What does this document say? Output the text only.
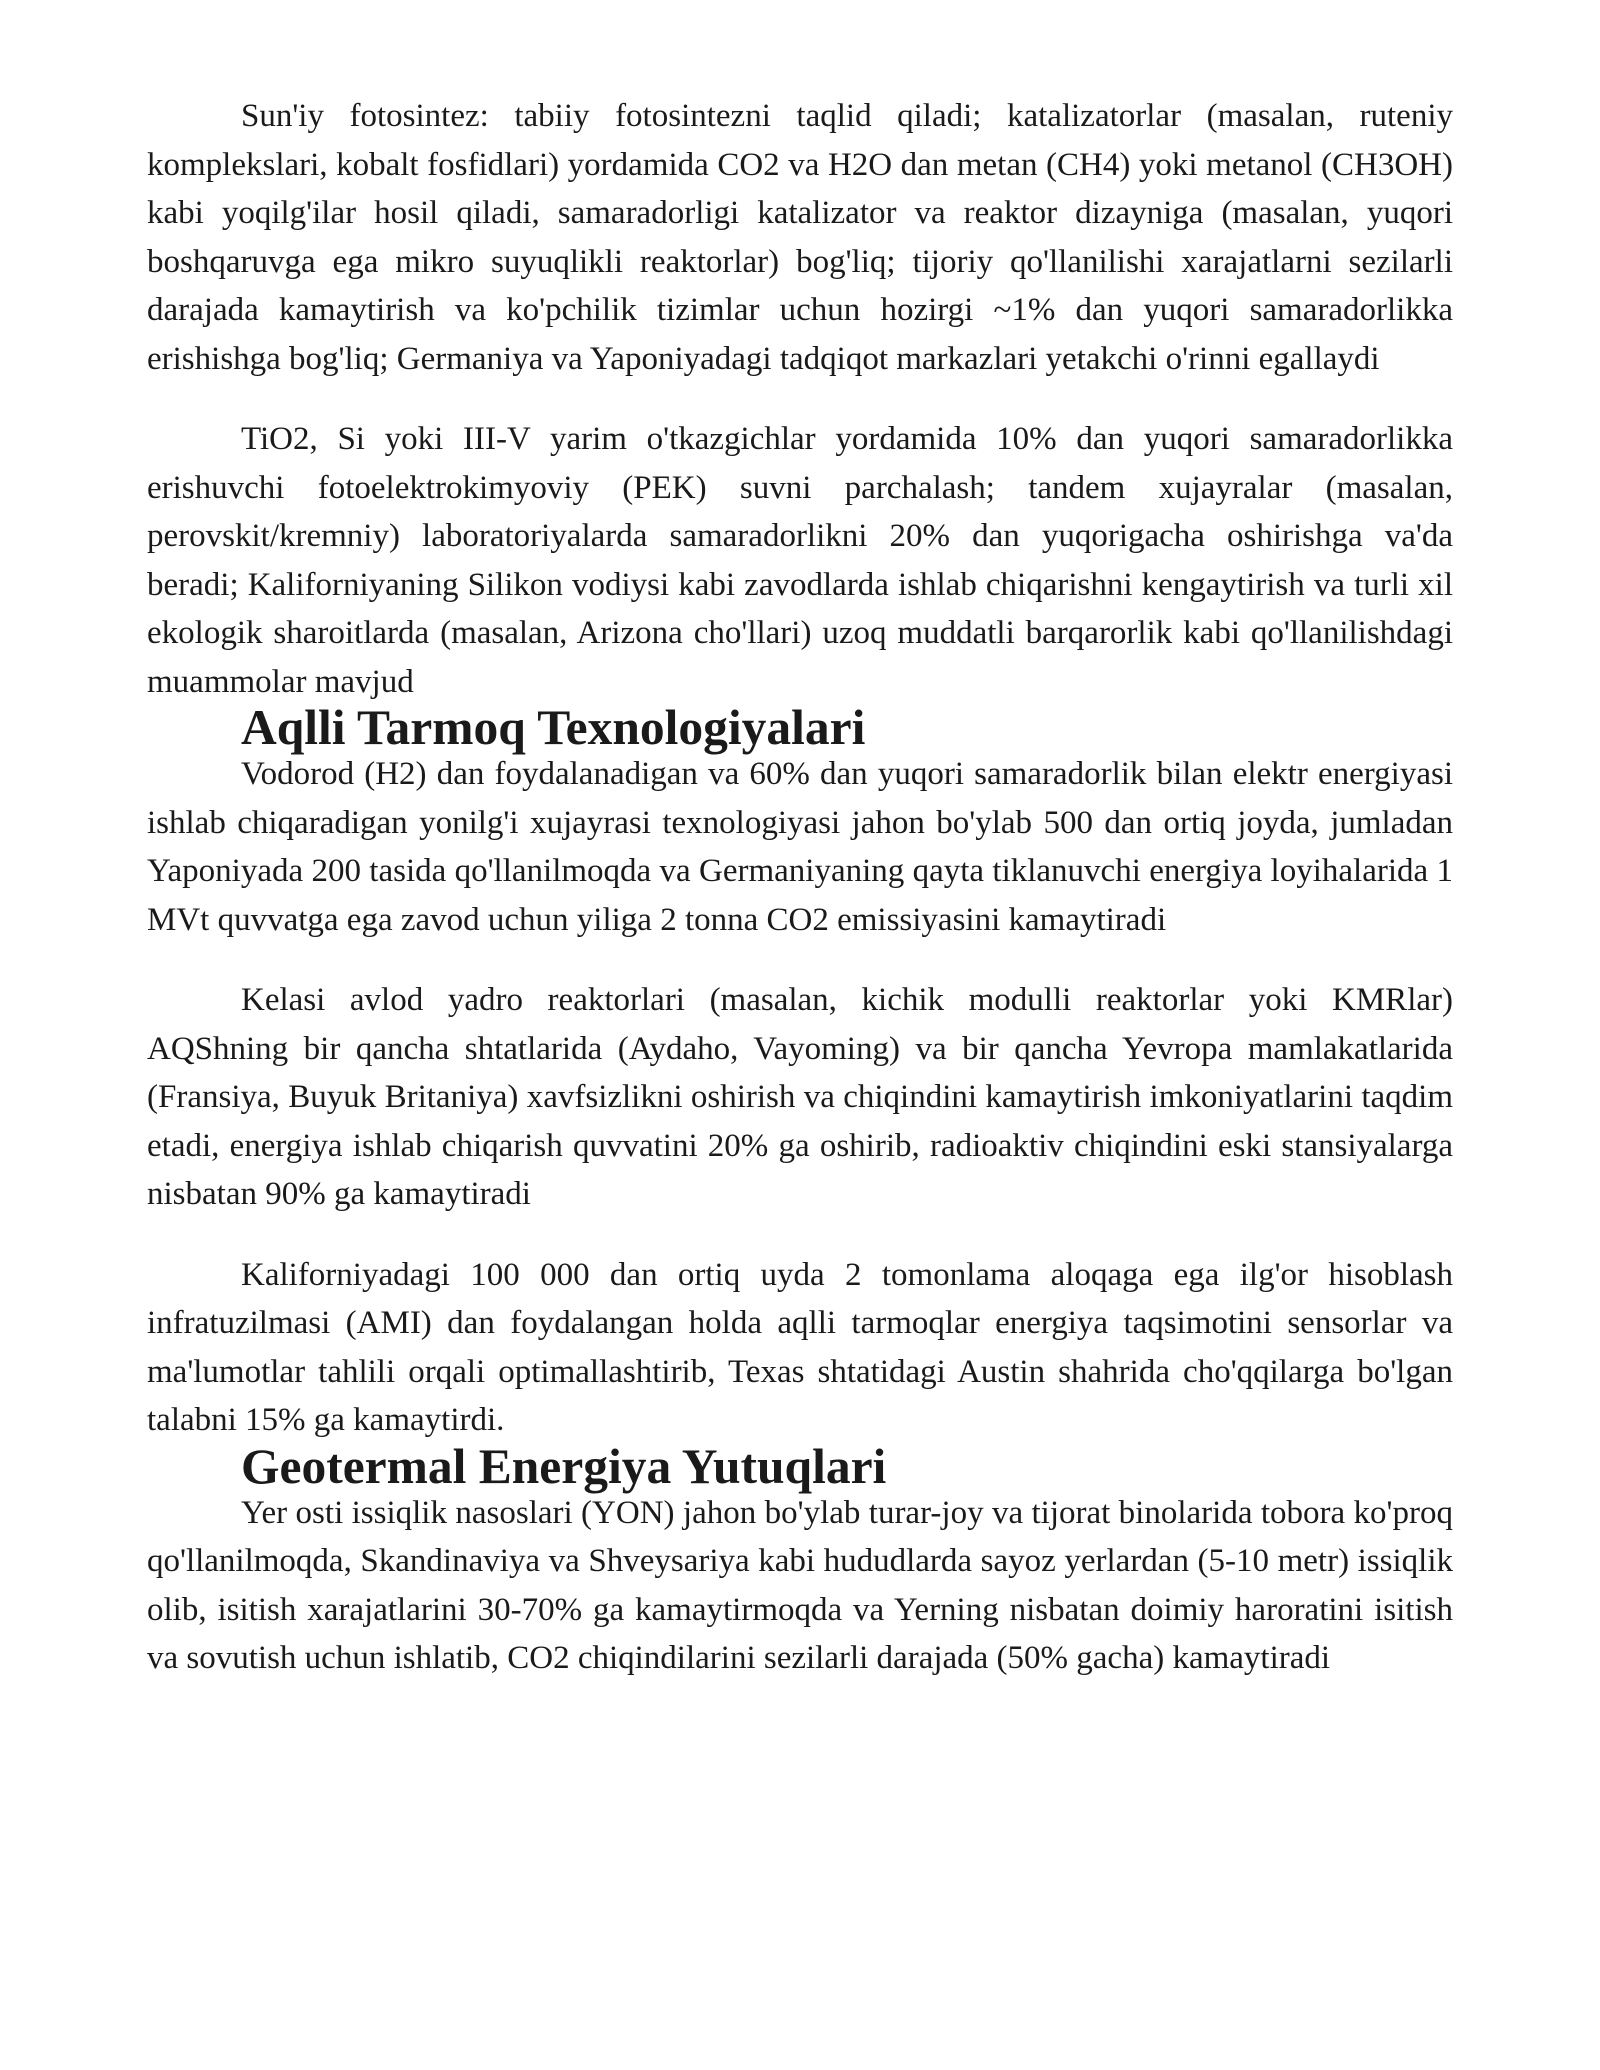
Sun'iy fotosintez: tabiiy fotosintezni taqlid qiladi; katalizatorlar (masalan, ruteniy komplekslari, kobalt fosfidlari) yordamida CO2 va H2O dan metan (CH4) yoki metanol (CH3OH) kabi yoqilg'ilar hosil qiladi, samaradorligi katalizator va reaktor dizayniga (masalan, yuqori boshqaruvga ega mikro suyuqlikli reaktorlar) bog'liq; tijoriy qo'llanilishi xarajatlarni sezilarli darajada kamaytirish va ko'pchilik tizimlar uchun hozirgi ~1% dan yuqori samaradorlikka erishishga bog'liq; Germaniya va Yaponiyadagi tadqiqot markazlari yetakchi o'rinni egallaydi

TiO2, Si yoki III-V yarim o'tkazgichlar yordamida 10% dan yuqori samaradorlikka erishuvchi fotoelektrokimyoviy (PEK) suvni parchalash; tandem xujayralar (masalan, perovskit/kremniy) laboratoriyalarda samaradorlikni 20% dan yuqorigacha oshirishga va'da beradi; Kaliforniyaning Silikon vodiysi kabi zavodlarda ishlab chiqarishni kengaytirish va turli xil ekologik sharoitlarda (masalan, Arizona cho'llari) uzoq muddatli barqarorlik kabi qo'llanilishdagi muammolar mavjud

Aqlli Tarmoq Texnologiyalari

Vodorod (H2) dan foydalanadigan va 60% dan yuqori samaradorlik bilan elektr energiyasi ishlab chiqaradigan yonilg'i xujayrasi texnologiyasi jahon bo'ylab 500 dan ortiq joyda, jumladan Yaponiyada 200 tasida qo'llanilmoqda va Germaniyaning qayta tiklanuvchi energiya loyihalarida 1 MVt quvvatga ega zavod uchun yiliga 2 tonna CO2 emissiyasini kamaytiradi

Kelasi avlod yadro reaktorlari (masalan, kichik modulli reaktorlar yoki KMRlar) AQShning bir qancha shtatlarida (Aydaho, Vayoming) va bir qancha Yevropa mamlakatlarida (Fransiya, Buyuk Britaniya) xavfsizlikni oshirish va chiqindini kamaytirish imkoniyatlarini taqdim etadi, energiya ishlab chiqarish quvvatini 20% ga oshirib, radioaktiv chiqindini eski stansiyalarga nisbatan 90% ga kamaytiradi

Kaliforniyadagi 100 000 dan ortiq uyda 2 tomonlama aloqaga ega ilg'or hisoblash infratuzilmasi (AMI) dan foydalangan holda aqlli tarmoqlar energiya taqsimotini sensorlar va ma'lumotlar tahlili orqali optimallashtirib, Texas shtatidagi Austin shahrida cho'qqilarga bo'lgan talabni 15% ga kamaytirdi.

Geotermal Energiya Yutuqlari

Yer osti issiqlik nasoslari (YON) jahon bo'ylab turar-joy va tijorat binolarida tobora ko'proq qo'llanilmoqda, Skandinaviya va Shveysariya kabi hududlarda sayoz yerlardan (5-10 metr) issiqlik olib, isitish xarajatlarini 30-70% ga kamaytirmoqda va Yerning nisbatan doimiy haroratini isitish va sovutish uchun ishlatib, CO2 chiqindilarini sezilarli darajada (50% gacha) kamaytiradi
